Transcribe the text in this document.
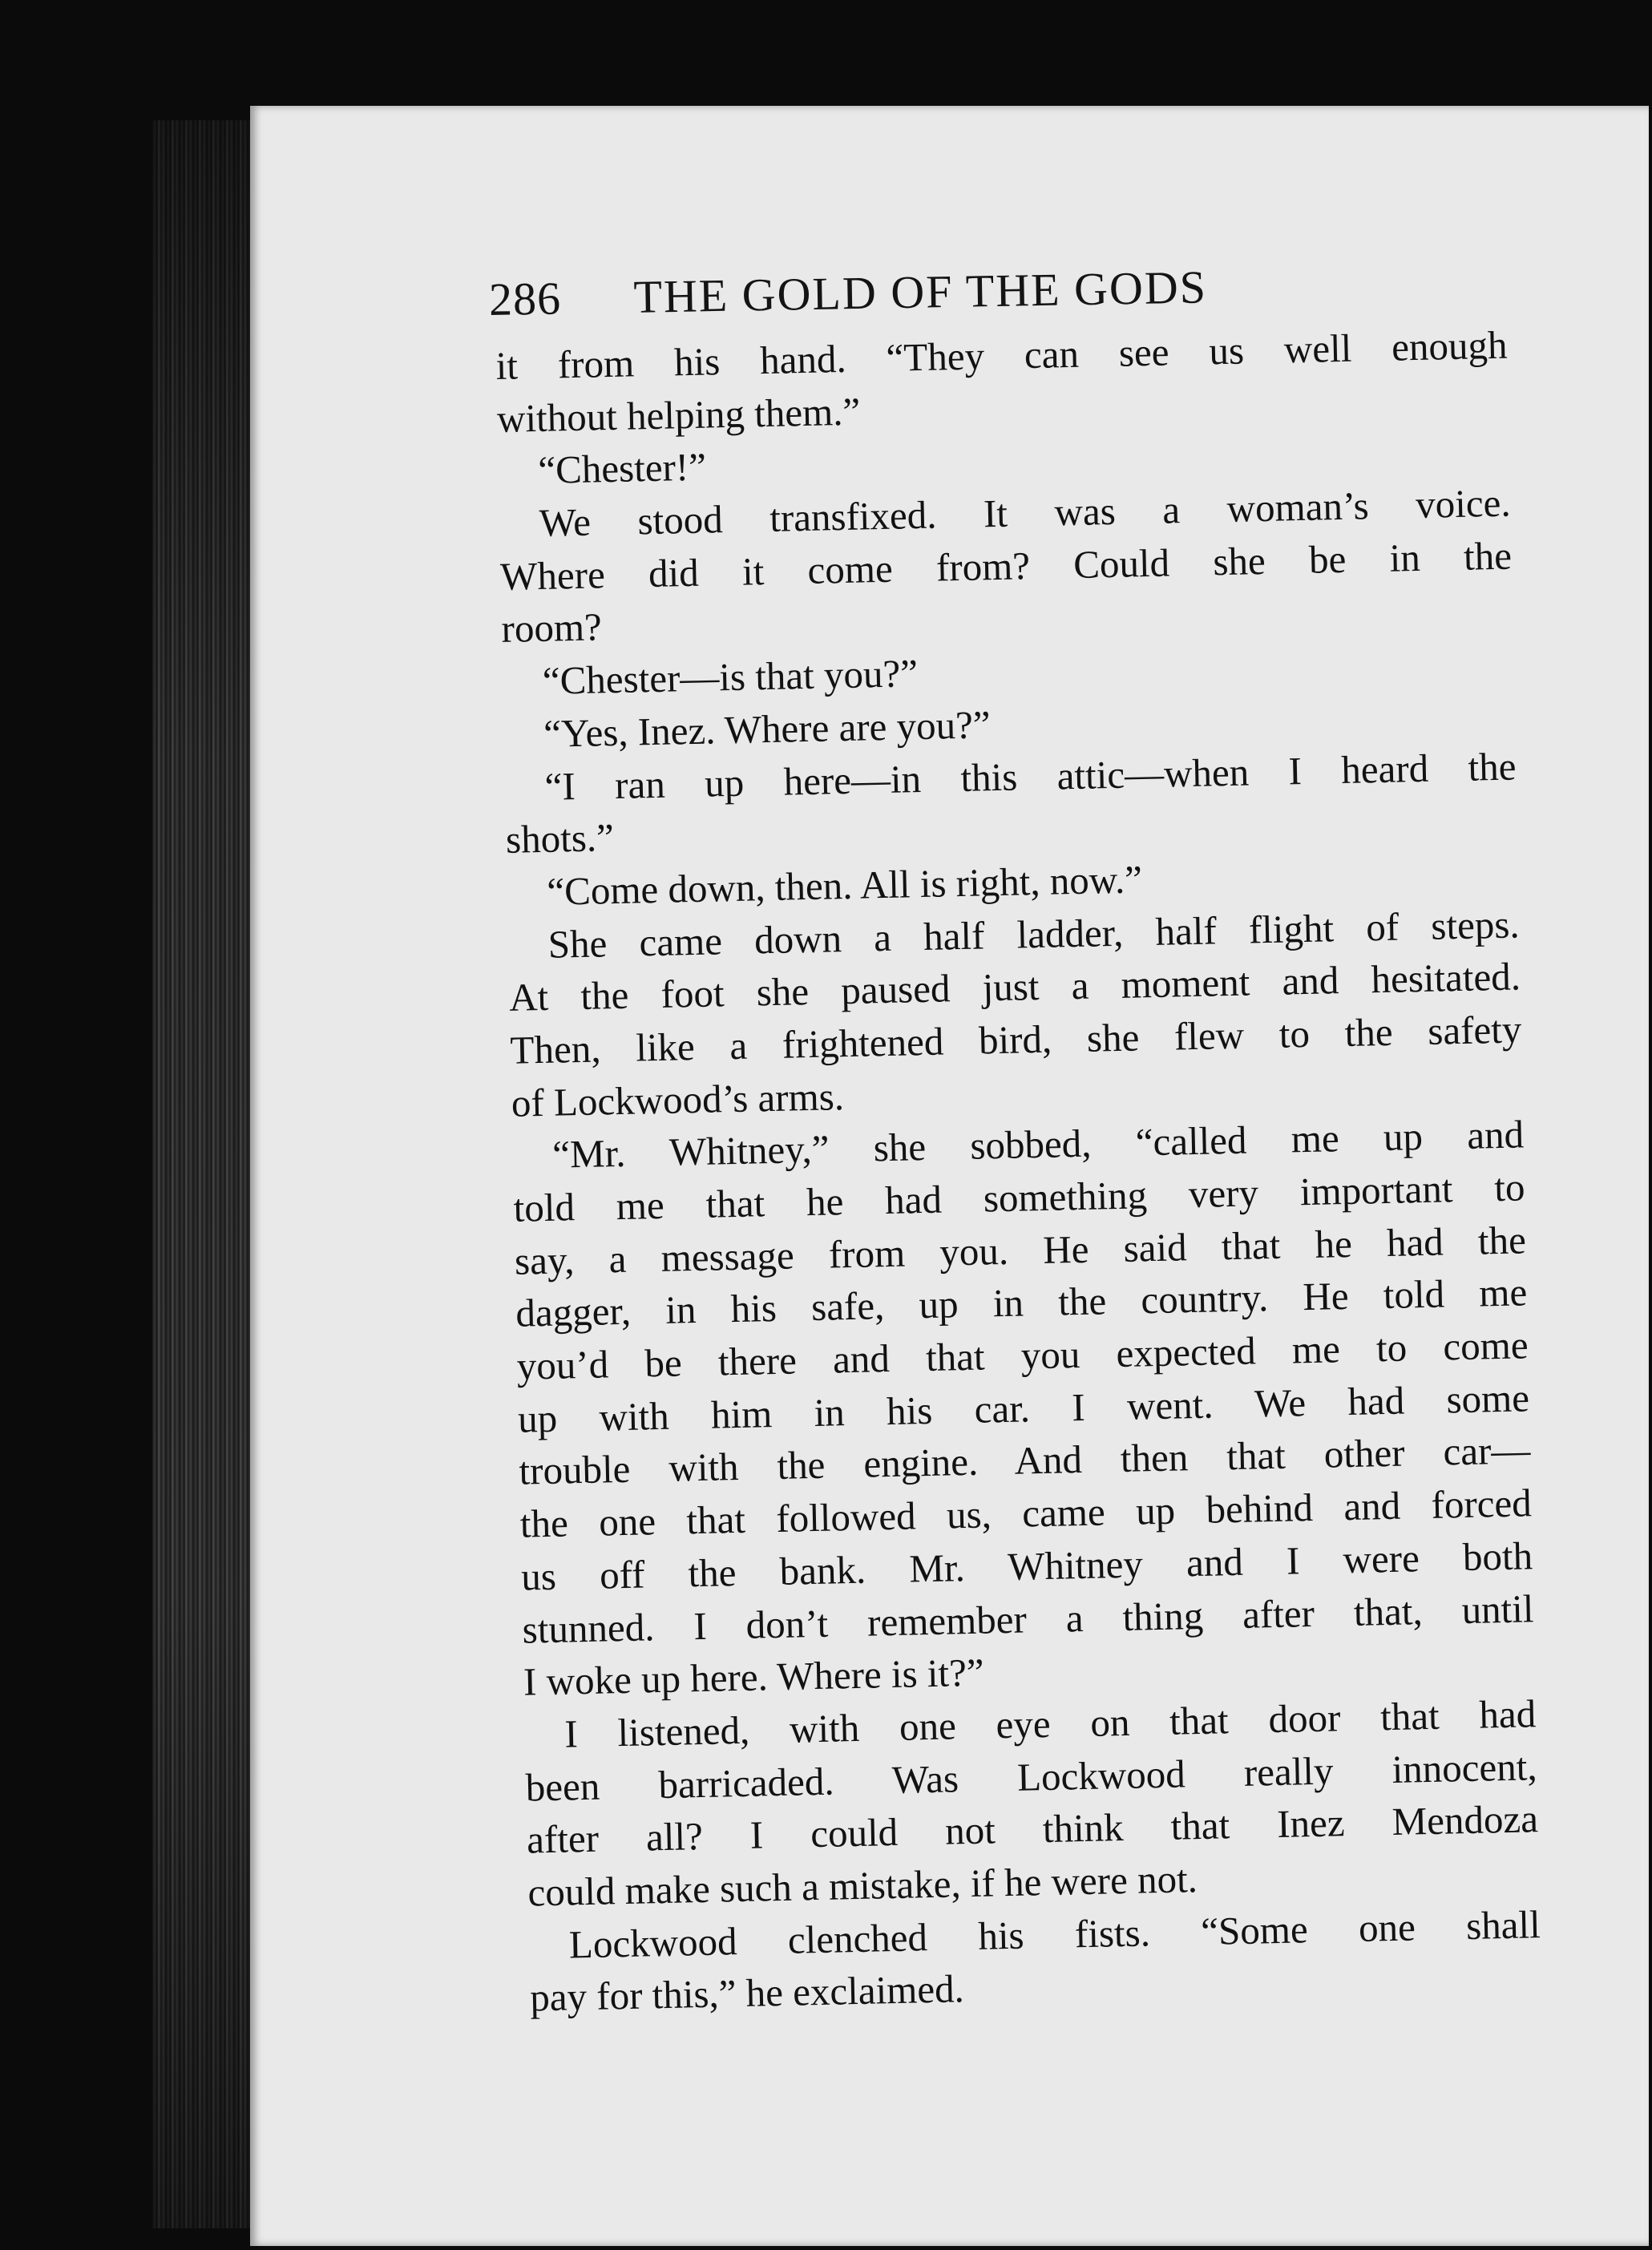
286 THE GOLD OF THE GODS
it from his hand. “They can see us well enough
without helping them.”
“Chester!”
We stood transfixed. It was a woman’s voice.
Where did it come from? Could she be in the
room?
“Chester—is that you?”
“Yes, Inez. Where are you?”
“I ran up here—in this attic—when I heard the
shots.”
“Come down, then. All is right, now.”
She came down a half ladder, half flight of steps.
At the foot she paused just a moment and hesitated.
Then, like a frightened bird, she flew to the safety
of Lockwood’s arms.
“Mr. Whitney,” she sobbed, “called me up and
told me that he had something very important to
say, a message from you. He said that he had the
dagger, in his safe, up in the country. He told me
you’d be there and that you expected me to come
up with him in his car. I went. We had some
trouble with the engine. And then that other car—
the one that followed us, came up behind and forced
us off the bank. Mr. Whitney and I were both
stunned. I don’t remember a thing after that, until
I woke up here. Where is it?”
I listened, with one eye on that door that had
been barricaded. Was Lockwood really innocent,
after all? I could not think that Inez Mendoza
could make such a mistake, if he were not.
Lockwood clenched his fists. “Some one shall
pay for this,” he exclaimed.
